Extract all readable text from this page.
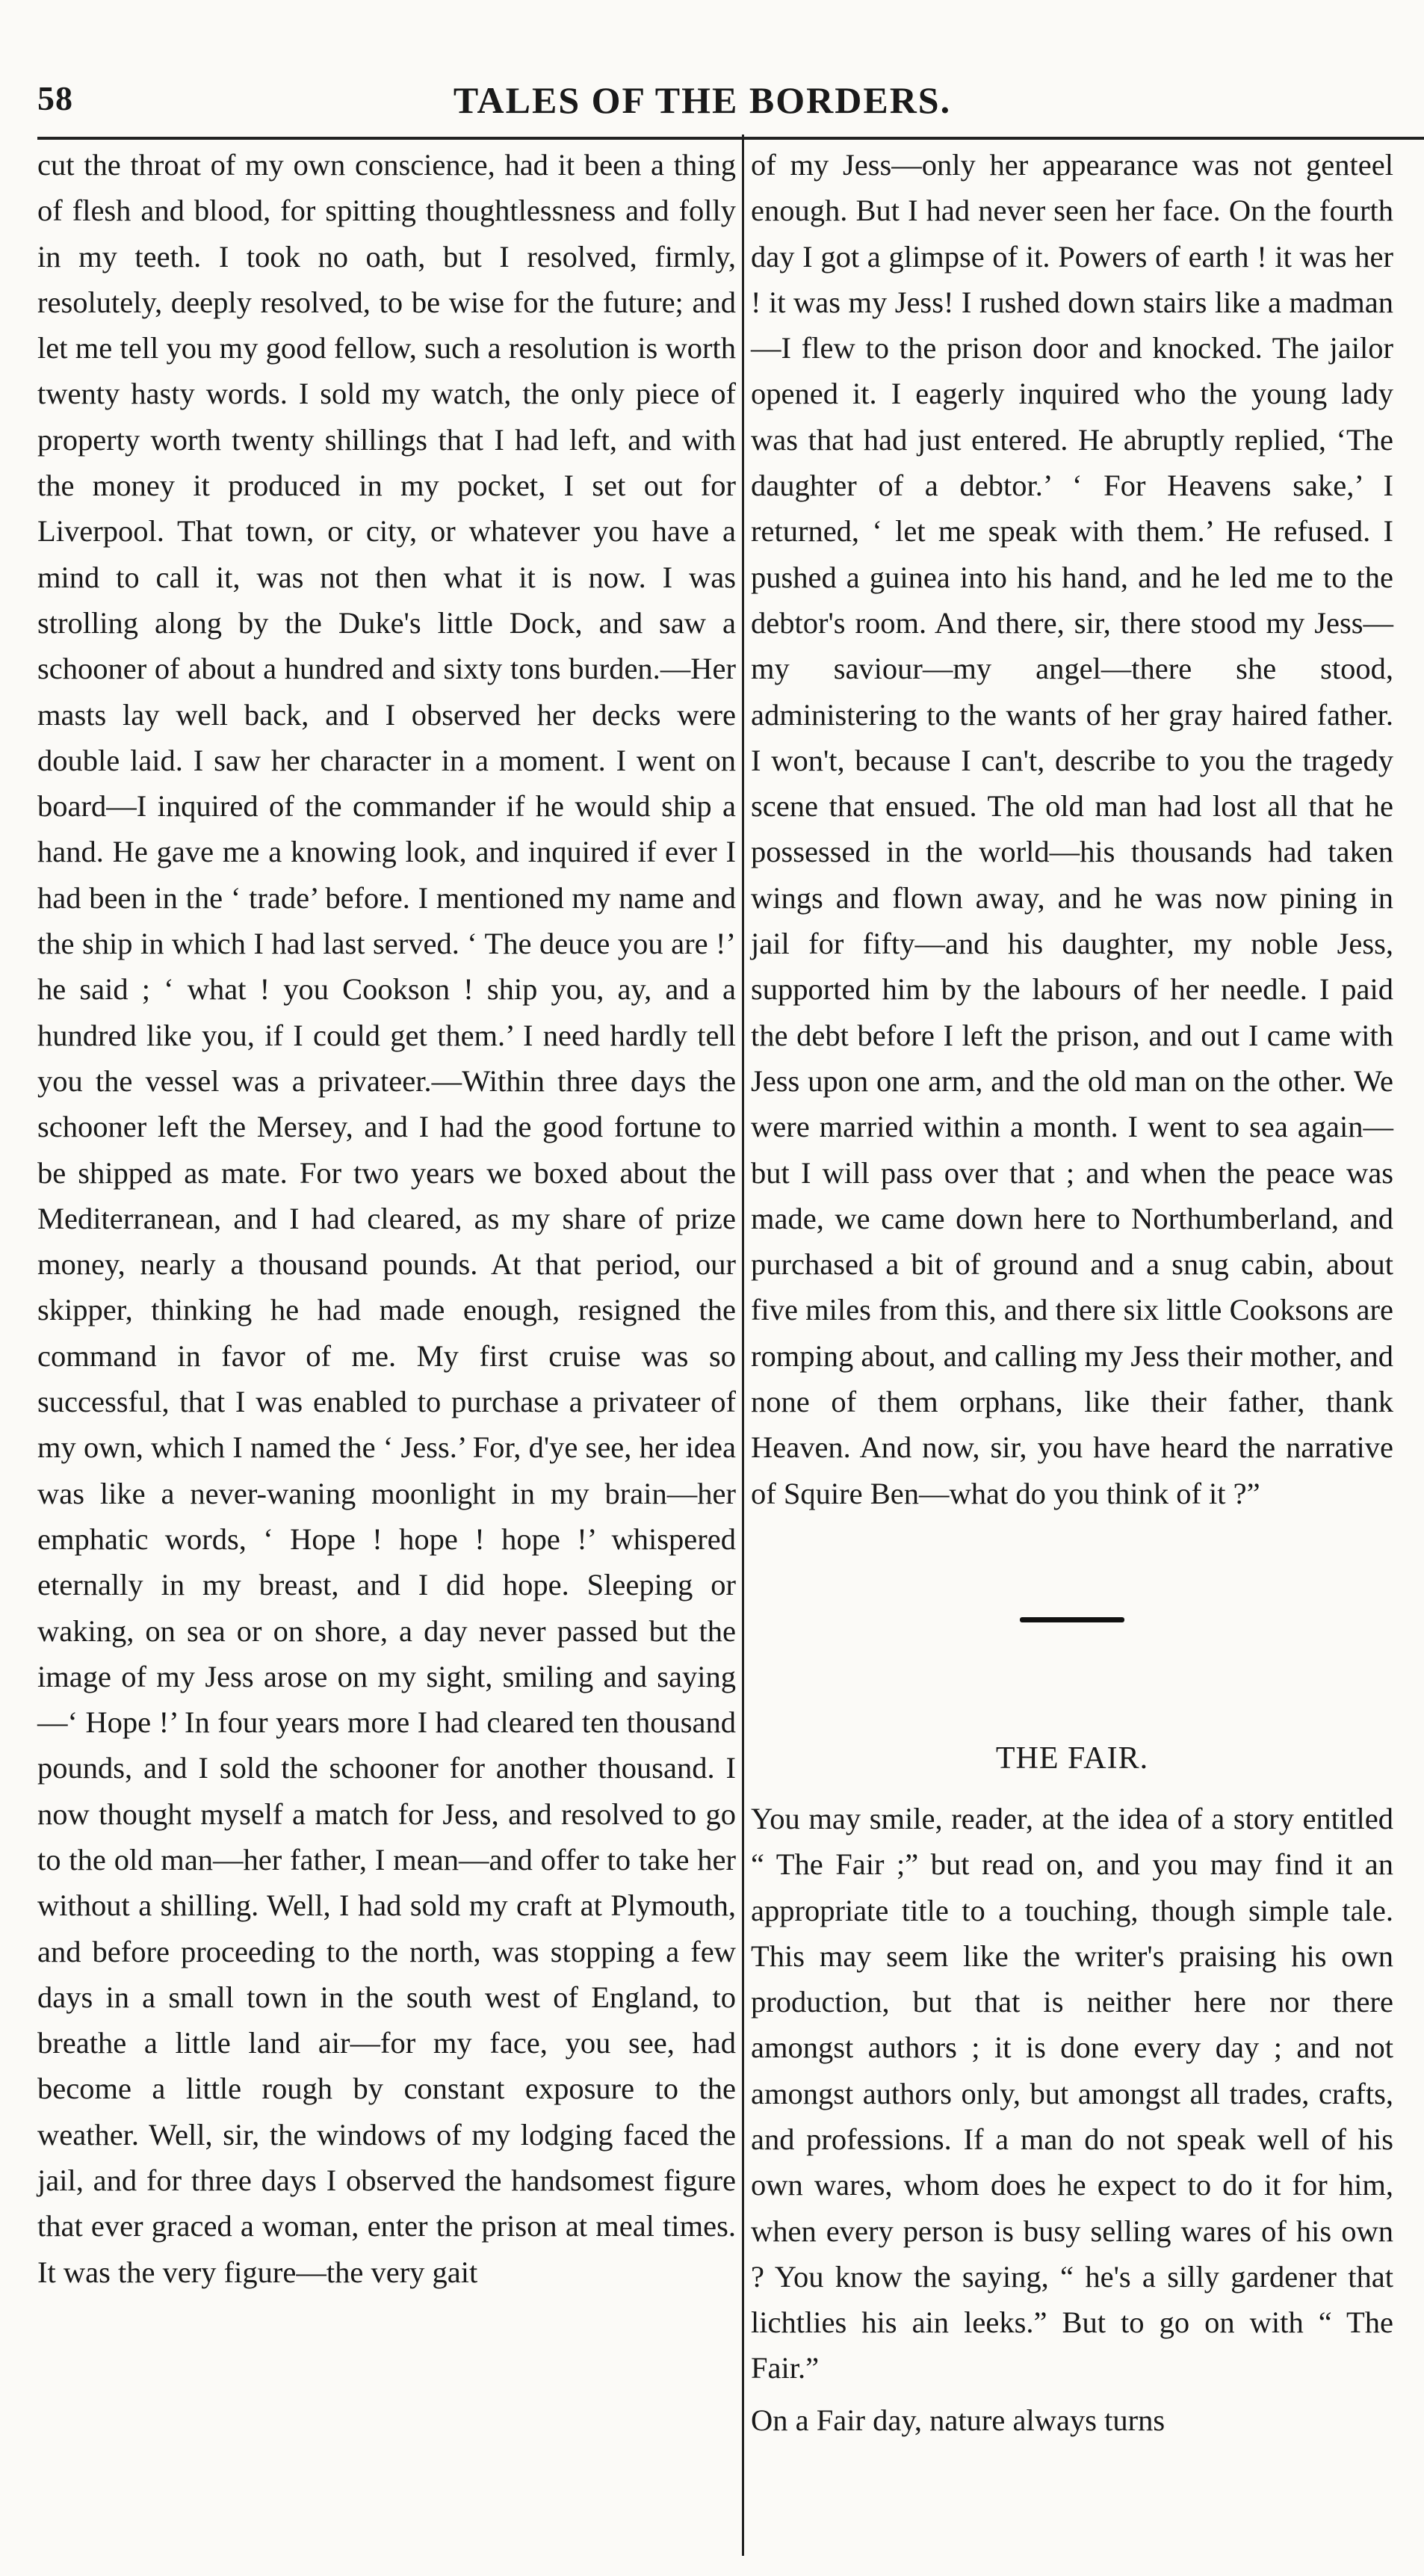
58	TALES OF THE BORDERS.

cut the throat of my own conscience, had it been a thing of flesh and blood, for spitting thoughtlessness and folly in my teeth. I took no oath, but I resolved, firmly, resolutely, deeply resolved, to be wise for the future; and let me tell you my good fellow, such a resolution is worth twenty hasty words. I sold my watch, the only piece of property worth twenty shillings that I had left, and with the money it produced in my pocket, I set out for Liverpool. That town, or city, or whatever you have a mind to call it, was not then what it is now. I was strolling along by the Duke's little Dock, and saw a schooner of about a hundred and sixty tons burden.—Her masts lay well back, and I observed her decks were double laid. I saw her character in a moment. I went on board—I inquired of the commander if he would ship a hand. He gave me a knowing look, and inquired if ever I had been in the ‘ trade’ before. I mentioned my name and the ship in which I had last served. ‘ The deuce you are !’ he said ; ‘ what ! you Cookson ! ship you, ay, and a hundred like you, if I could get them.’ I need hardly tell you the vessel was a privateer.—Within three days the schooner left the Mersey, and I had the good fortune to be shipped as mate. For two years we boxed about the Mediterranean, and I had cleared, as my share of prize money, nearly a thousand pounds. At that period, our skipper, thinking he had made enough, resigned the command in favor of me. My first cruise was so successful, that I was enabled to purchase a privateer of my own, which I named the ‘ Jess.’ For, d'ye see, her idea was like a never-waning moonlight in my brain—her emphatic words, ‘ Hope ! hope ! hope !’ whispered eternally in my breast, and I did hope. Sleeping or waking, on sea or on shore, a day never passed but the image of my Jess arose on my sight, smiling and saying—‘ Hope !’ In four years more I had cleared ten thousand pounds, and I sold the schooner for another thousand. I now thought myself a match for Jess, and resolved to go to the old man—her father, I mean—and offer to take her without a shilling. Well, I had sold my craft at Plymouth, and before proceeding to the north, was stopping a few days in a small town in the south west of England, to breathe a little land air—for my face, you see, had become a little rough by constant exposure to the weather. Well, sir, the windows of my lodging faced the jail, and for three days I observed the handsomest figure that ever graced a woman, enter the prison at meal times. It was the very figure—the very gait

of my Jess—only her appearance was not genteel enough. But I had never seen her face. On the fourth day I got a glimpse of it. Powers of earth ! it was her ! it was my Jess! I rushed down stairs like a madman—I flew to the prison door and knocked. The jailor opened it. I eagerly inquired who the young lady was that had just entered. He abruptly replied, ‘The daughter of a debtor.’ ‘ For Heavens sake,’ I returned, ‘ let me speak with them.’ He refused. I pushed a guinea into his hand, and he led me to the debtor's room. And there, sir, there stood my Jess—my saviour—my angel—there she stood, administering to the wants of her gray haired father. I won't, because I can't, describe to you the tragedy scene that ensued. The old man had lost all that he possessed in the world—his thousands had taken wings and flown away, and he was now pining in jail for fifty—and his daughter, my noble Jess, supported him by the labours of her needle. I paid the debt before I left the prison, and out I came with Jess upon one arm, and the old man on the other. We were married within a month. I went to sea again—but I will pass over that ; and when the peace was made, we came down here to Northumberland, and purchased a bit of ground and a snug cabin, about five miles from this, and there six little Cooksons are romping about, and calling my Jess their mother, and none of them orphans, like their father, thank Heaven. And now, sir, you have heard the narrative of Squire Ben—what do you think of it ?”

THE FAIR.

You may smile, reader, at the idea of a story entitled “ The Fair ;” but read on, and you may find it an appropriate title to a touching, though simple tale. This may seem like the writer's praising his own production, but that is neither here nor there amongst authors ; it is done every day ; and not amongst authors only, but amongst all trades, crafts, and professions. If a man do not speak well of his own wares, whom does he expect to do it for him, when every person is busy selling wares of his own ? You know the saying, “ he's a silly gardener that lichtlies his ain leeks.” But to go on with “ The Fair.”

On a Fair day, nature always turns
